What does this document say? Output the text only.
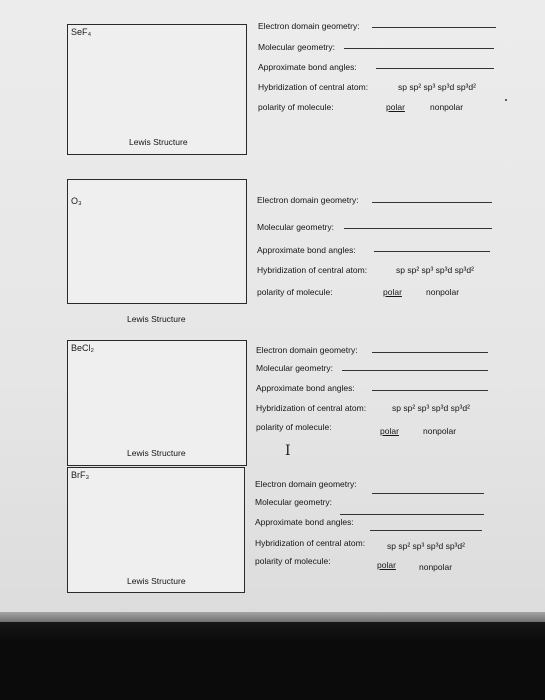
SeF₄
Lewis Structure
Electron domain geometry:
Molecular geometry:
Approximate bond angles:
Hybridization of central atom:	sp sp² sp³ sp³d sp³d²
polarity of molecule:	polar	nonpolar
O₃
Lewis Structure
Electron domain geometry:
Molecular geometry:
Approximate bond angles:
Hybridization of central atom:	sp sp² sp³ sp³d sp³d²
polarity of molecule:	polar	nonpolar
BeCl₂
Lewis Structure
Electron domain geometry:
Molecular geometry:
Approximate bond angles:
Hybridization of central atom:	sp sp² sp³ sp³d sp³d²
polarity of molecule:	polar	nonpolar
I
BrF₃
Lewis Structure
Electron domain geometry:
Molecular geometry:
Approximate bond angles:
Hybridization of central atom:	sp sp² sp³ sp³d sp³d²
polarity of molecule:	polar	nonpolar
